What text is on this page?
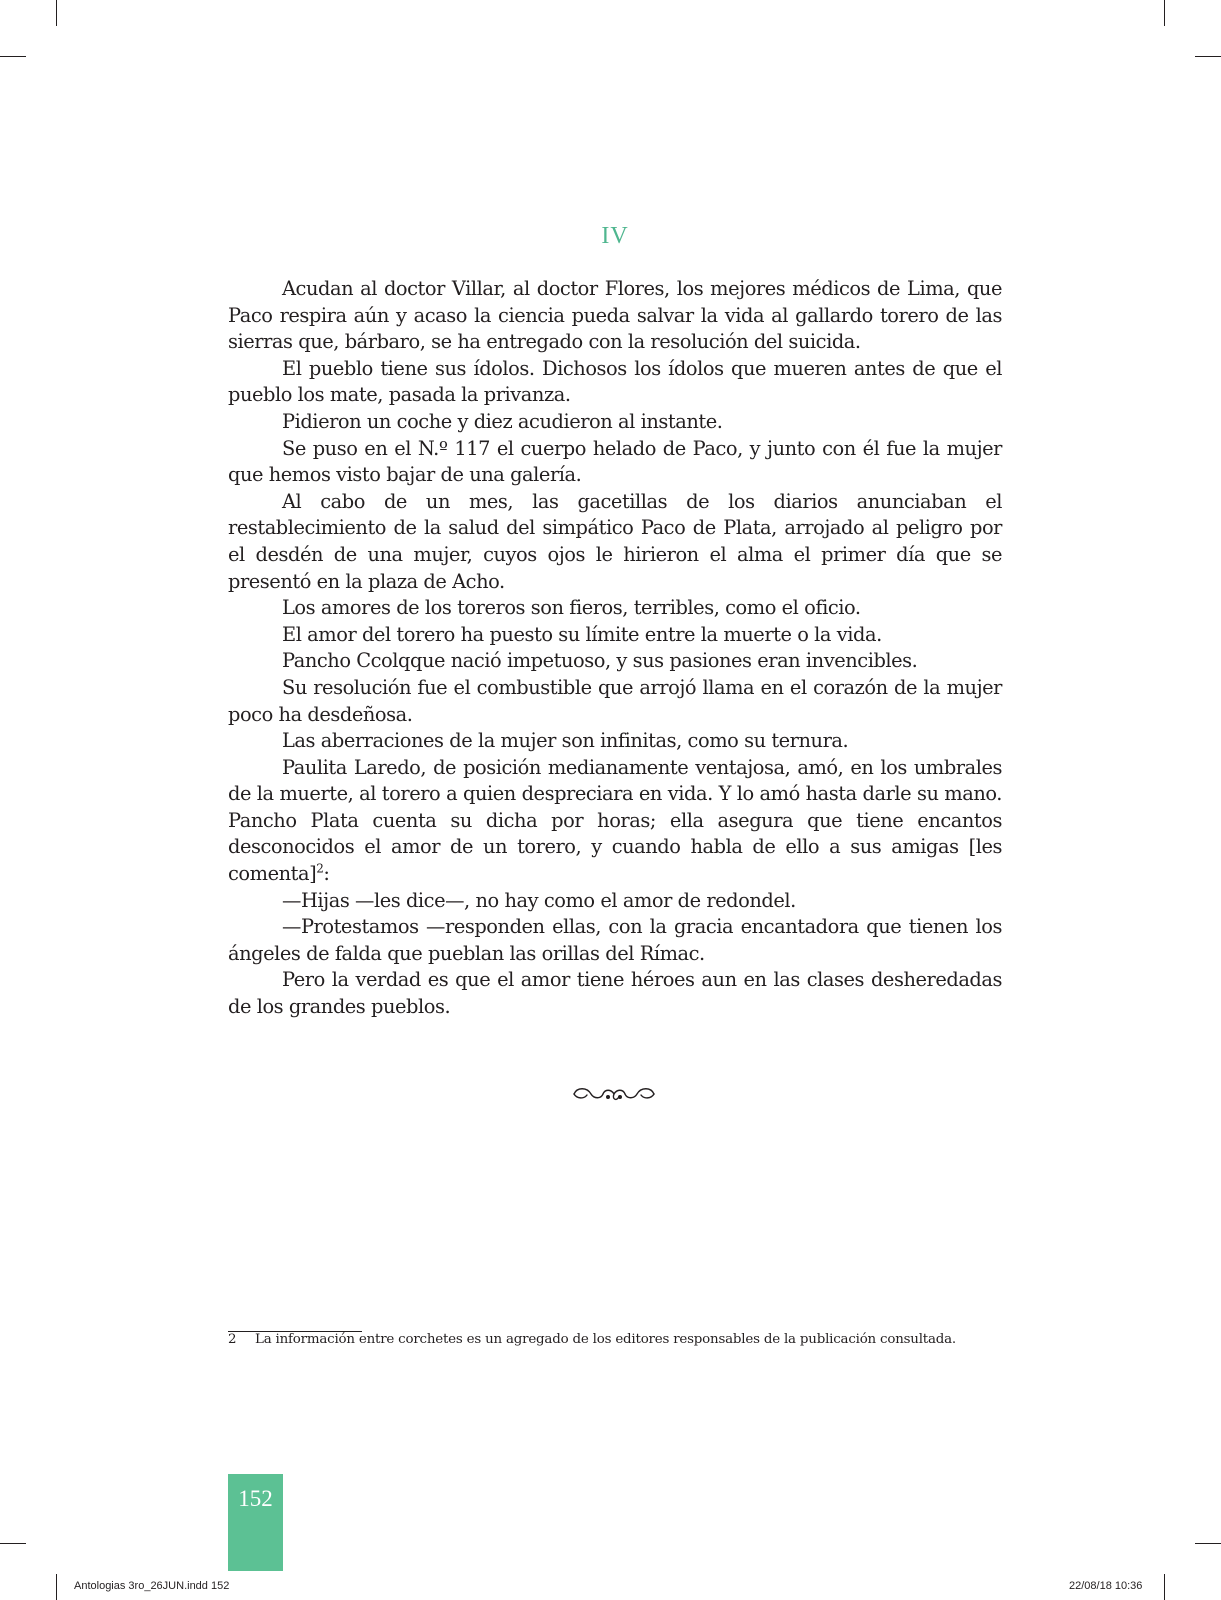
IV

Acudan al doctor Villar, al doctor Flores, los mejores médicos de Lima, que Paco respira aún y acaso la ciencia pueda salvar la vida al gallardo torero de las sierras que, bárbaro, se ha entregado con la resolución del suicida.

El pueblo tiene sus ídolos. Dichosos los ídolos que mueren antes de que el pueblo los mate, pasada la privanza.

Pidieron un coche y diez acudieron al instante.

Se puso en el N.º 117 el cuerpo helado de Paco, y junto con él fue la mujer que hemos visto bajar de una galería.

Al cabo de un mes, las gacetillas de los diarios anunciaban el restablecimiento de la salud del simpático Paco de Plata, arrojado al peligro por el desdén de una mujer, cuyos ojos le hirieron el alma el primer día que se presentó en la plaza de Acho.

Los amores de los toreros son fieros, terribles, como el oficio.

El amor del torero ha puesto su límite entre la muerte o la vida.

Pancho Ccolqque nació impetuoso, y sus pasiones eran invencibles.

Su resolución fue el combustible que arrojó llama en el corazón de la mujer poco ha desdeñosa.

Las aberraciones de la mujer son infinitas, como su ternura.

Paulita Laredo, de posición medianamente ventajosa, amó, en los umbrales de la muerte, al torero a quien despreciara en vida. Y lo amó hasta darle su mano. Pancho Plata cuenta su dicha por horas; ella asegura que tiene encantos desconocidos el amor de un torero, y cuando habla de ello a sus amigas [les comenta]$^2$:

—Hijas —les dice—, no hay como el amor de redondel.

—Protestamos —responden ellas, con la gracia encantadora que tienen los ángeles de falda que pueblan las orillas del Rímac.

Pero la verdad es que el amor tiene héroes aun en las clases desheredadas de los grandes pueblos.

2 La información entre corchetes es un agregado de los editores responsables de la publicación consultada.
152
Antologias 3ro_26JUN.indd 152	22/08/18 10:36
